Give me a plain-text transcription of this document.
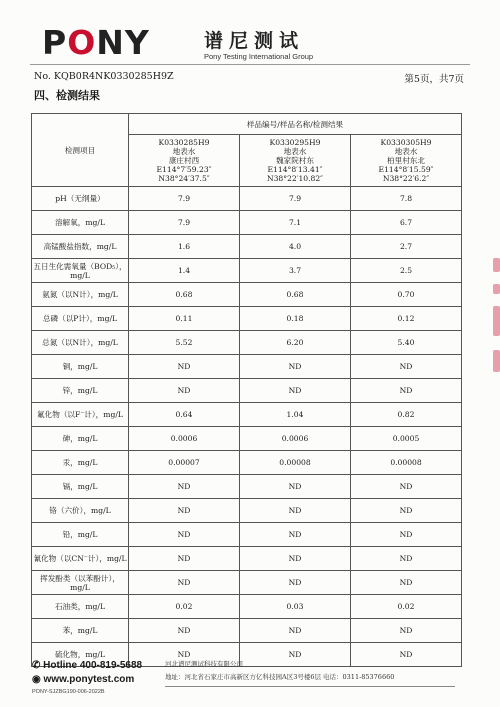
PONY	谱尼测试
Pony Testing International Group
No. KQB0R4NK0330285H9Z	第5页，共7页
四、检测结果
检测项目	样品编号/样品名称/检测结果		

	K0330285H9
地表水
康庄村西
E114°7′59.23″
N38°24′37.5″	K0330295H9
地表水
魏家院村东
E114°8′13.41″
N38°22′10.82″	K0330305H9
地表水
柏里村东北
E114°8′15.59″
N38°22′6.2″

pH（无纲量）	7.9	7.9	7.8
溶解氧，mg/L	7.9	7.1	6.7
高锰酸盐指数，mg/L	1.6	4.0	2.7
五日生化需氧量（BOD₅），mg/L	1.4	3.7	2.5
氨氮（以N计），mg/L	0.68	0.68	0.70
总磷（以P计），mg/L	0.11	0.18	0.12
总氮（以N计），mg/L	5.52	6.20	5.40
铜，mg/L	ND	ND	ND
锌，mg/L	ND	ND	ND
氟化物（以F⁻计），mg/L	0.64	1.04	0.82
砷，mg/L	0.0006	0.0006	0.0005
汞，mg/L	0.00007	0.00008	0.00008
镉，mg/L	ND	ND	ND
铬（六价），mg/L	ND	ND	ND
铅，mg/L	ND	ND	ND
氰化物（以CN⁻计），mg/L	ND	ND	ND
挥发酚类（以苯酚计），mg/L	ND	ND	ND
石油类，mg/L	0.02	0.03	0.02
苯，mg/L	ND	ND	ND
硫化物，mg/L	ND	ND	ND
✆ Hotline 400-819-5688
◉ www.ponytest.com
PONY-SJZBG190-006-2022B
河北谱尼测试科技有限公司
地址：河北省石家庄市高新区方亿科技园A区3号楼6层 电话：0311-85376660
